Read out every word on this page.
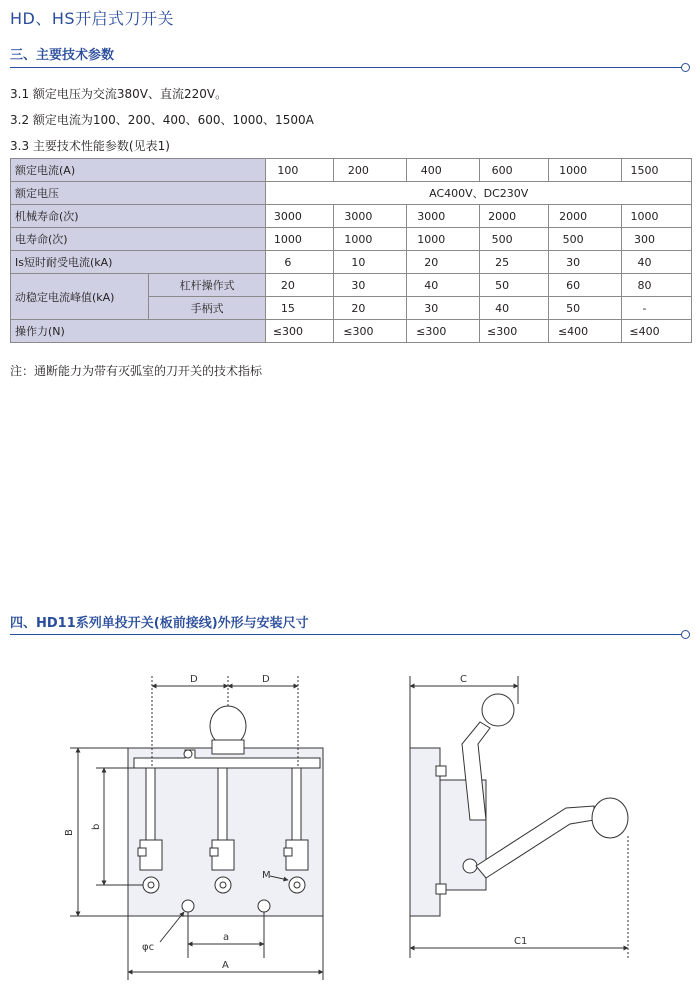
HD、HS开启式刀开关
三、主要技术参数
3.1 额定电压为交流380V、直流220V。
3.2 额定电流为100、200、400、600、1000、1500A
3.3 主要技术性能参数(见表1)
额定电流(A)		100	200	400	600	1000	1500
额定电压		AC400V、DC230V					
机械寿命(次)		3000	3000	3000	2000	2000	1000
电寿命(次)		1000	1000	1000	500	500	300
Is短时耐受电流(kA)		6	10	20	25	30	40
动稳定电流峰值(kA)	杠杆操作式	20	30	40	50	60	80
	手柄式	15	20	30	40	50	-
操作力(N)		≤300	≤300	≤300	≤300	≤400	≤400
注：通断能力为带有灭弧室的刀开关的技术指标
四、HD11系列单投开关(板前接线)外形与安装尺寸
D	D
B
b
M
φc
a
A
C
C1
